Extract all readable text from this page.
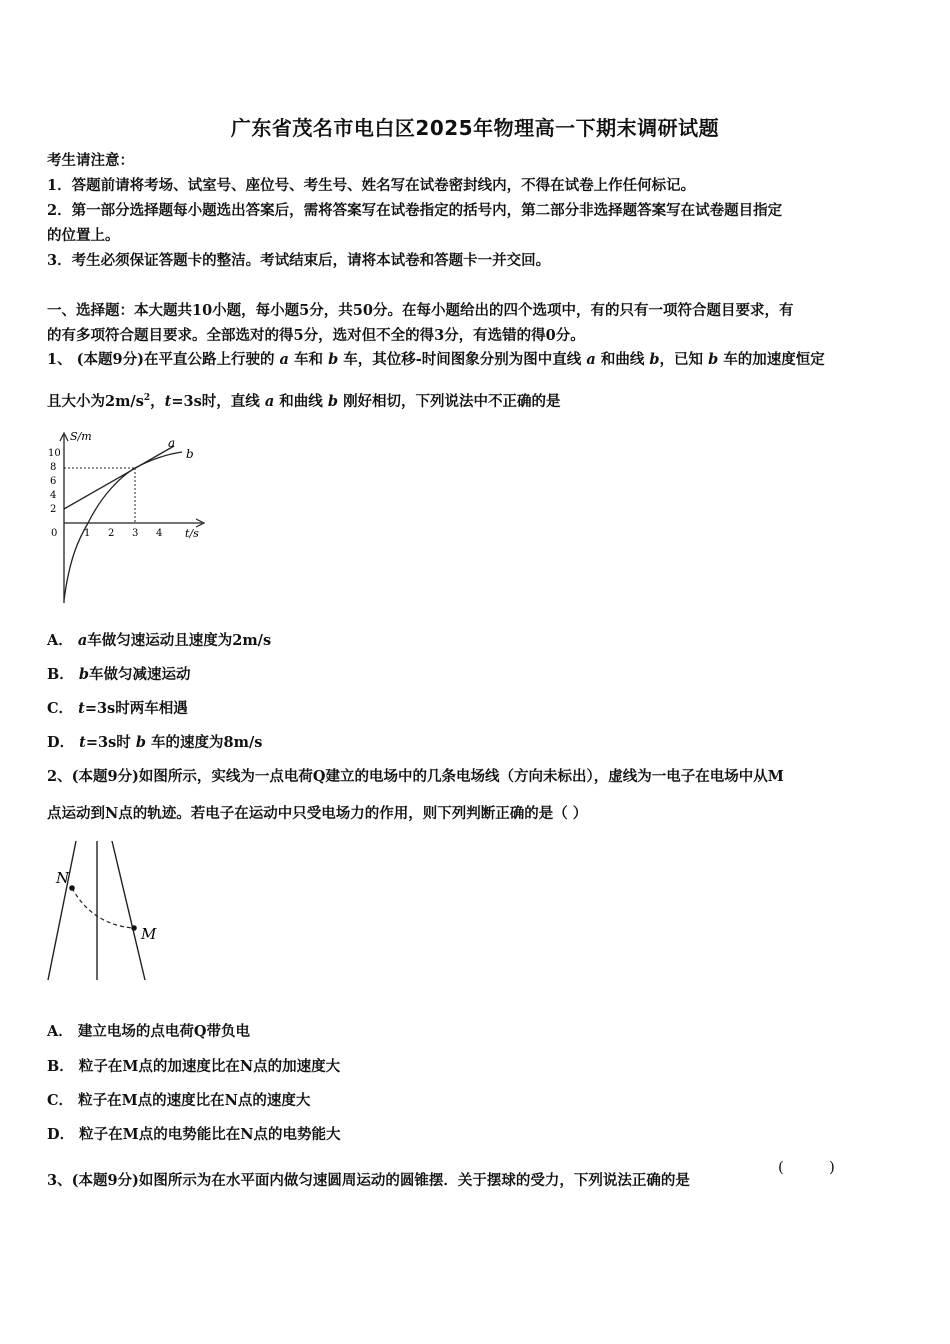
广东省茂名市电白区2025年物理高一下期末调研试题
考生请注意：
1．答题前请将考场、试室号、座位号、考生号、姓名写在试卷密封线内，不得在试卷上作任何标记。
2．第一部分选择题每小题选出答案后，需将答案写在试卷指定的括号内，第二部分非选择题答案写在试卷题目指定
的位置上。
3．考生必须保证答题卡的整洁。考试结束后，请将本试卷和答题卡一并交回。
一、选择题：本大题共10小题，每小题5分，共50分。在每小题给出的四个选项中，有的只有一项符合题目要求，有
的有多项符合题目要求。全部选对的得5分，选对但不全的得3分，有选错的得0分。
1、 (本题9分)在平直公路上行驶的 a 车和 b 车，其位移-时间图象分别为图中直线 a 和曲线 b，已知 b 车的加速度恒定
且大小为$2m/s^2$，t=3s时，直线 a 和曲线 b 刚好相切，下列说法中不正确的是
S/m
t/s
10
8
6
4
2
0	1 2 3 4
a
b
A． a车做匀速运动且速度为2m/s
B． b车做匀减速运动
C． t=3s时两车相遇
D． t=3s时 b 车的速度为8m/s
2、(本题9分)如图所示，实线为一点电荷Q建立的电场中的几条电场线（方向未标出），虚线为一电子在电场中从M
点运动到N点的轨迹。若电子在运动中只受电场力的作用，则下列判断正确的是（ ）
N
M
A． 建立电场的点电荷Q带负电
B． 粒子在M点的加速度比在N点的加速度大
C． 粒子在M点的速度比在N点的速度大
D． 粒子在M点的电势能比在N点的电势能大
3、(本题9分)如图所示为在水平面内做匀速圆周运动的圆锥摆．关于摆球的受力，下列说法正确的是
(	)
